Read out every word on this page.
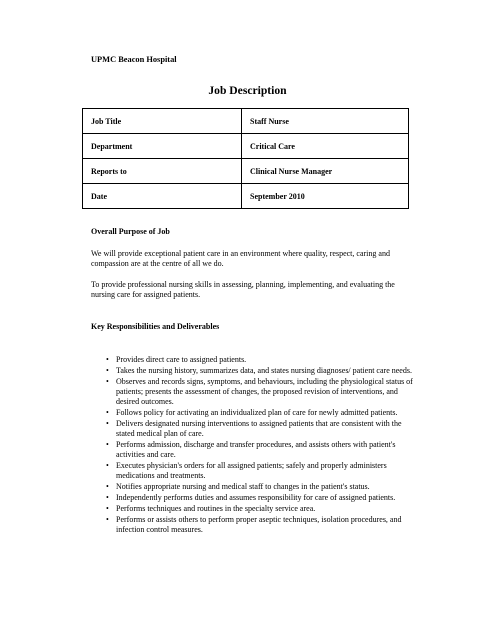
UPMC Beacon Hospital
Job Description
Job Title	Staff Nurse
Department	Critical Care
Reports to	Clinical Nurse Manager
Date	September 2010
Overall Purpose of Job
We will provide exceptional patient care in an environment where quality, respect, caring and compassion are at the centre of all we do.
To provide professional nursing skills in assessing, planning, implementing, and evaluating the nursing care for assigned patients.
Key Responsibilities and Deliverables
• Provides direct care to assigned patients.
• Takes the nursing history, summarizes data, and states nursing diagnoses/ patient care needs.
• Observes and records signs, symptoms, and behaviours, including the physiological status of patients; presents the assessment of changes, the proposed revision of interventions, and desired outcomes.
• Follows policy for activating an individualized plan of care for newly admitted patients.
• Delivers designated nursing interventions to assigned patients that are consistent with the stated medical plan of care.
• Performs admission, discharge and transfer procedures, and assists others with patient's activities and care.
• Executes physician's orders for all assigned patients; safely and properly administers medications and treatments.
• Notifies appropriate nursing and medical staff to changes in the patient's status.
• Independently performs duties and assumes responsibility for care of assigned patients.
• Performs techniques and routines in the specialty service area.
• Performs or assists others to perform proper aseptic techniques, isolation procedures, and infection control measures.
